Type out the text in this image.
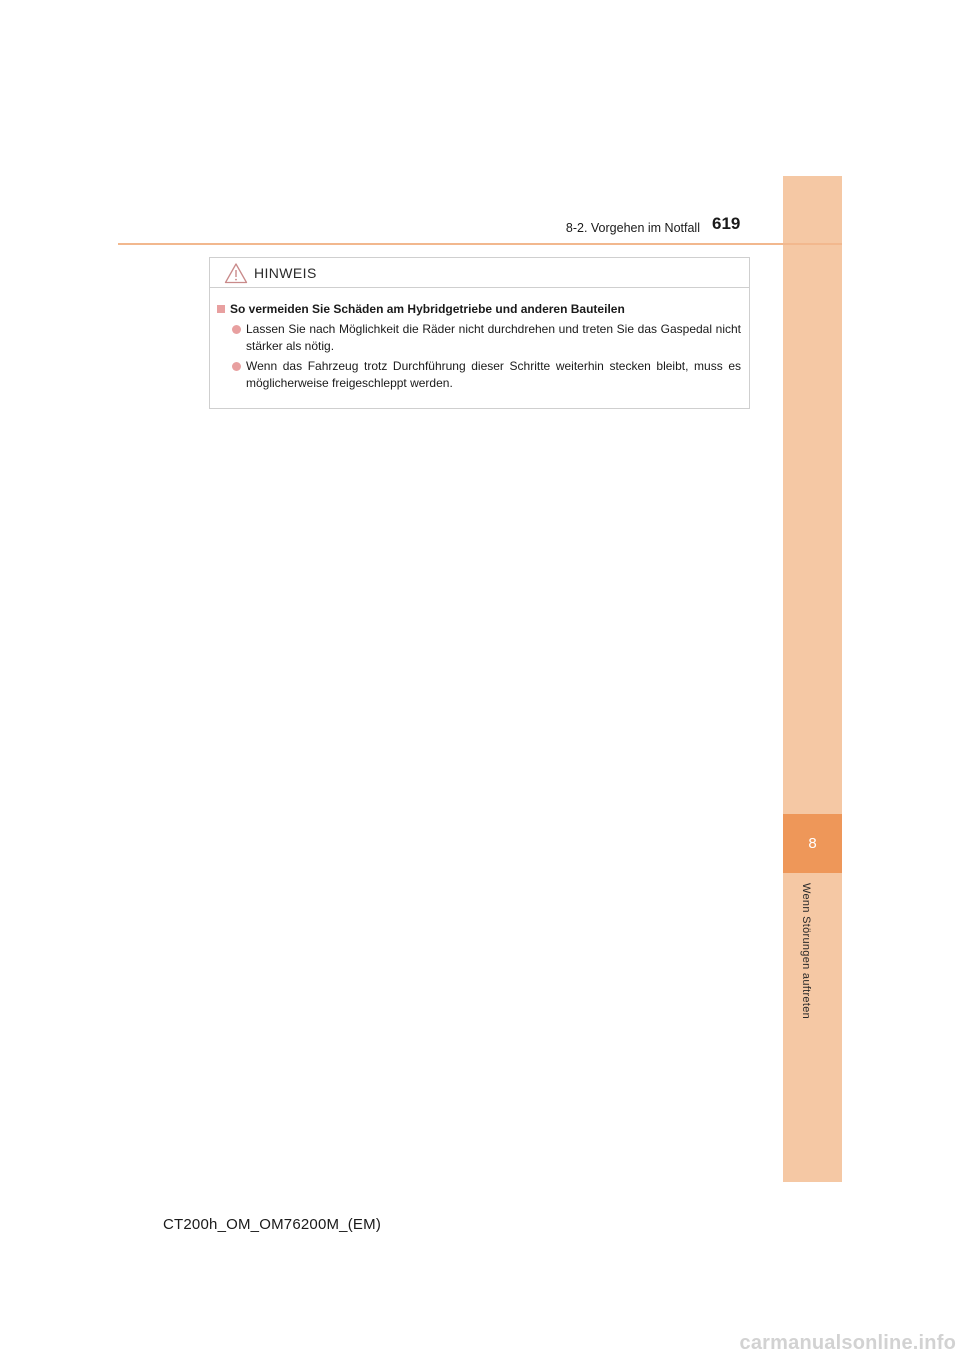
8
Wenn Störungen auftreten
8-2. Vorgehen im Notfall 619
HINWEIS
So vermeiden Sie Schäden am Hybridgetriebe und anderen Bauteilen
Lassen Sie nach Möglichkeit die Räder nicht durchdrehen und treten Sie das Gaspedal nicht stärker als nötig.
Wenn das Fahrzeug trotz Durchführung dieser Schritte weiterhin stecken bleibt, muss es möglicherweise freigeschleppt werden.
CT200h_OM_OM76200M_(EM)
carmanualsonline.info
